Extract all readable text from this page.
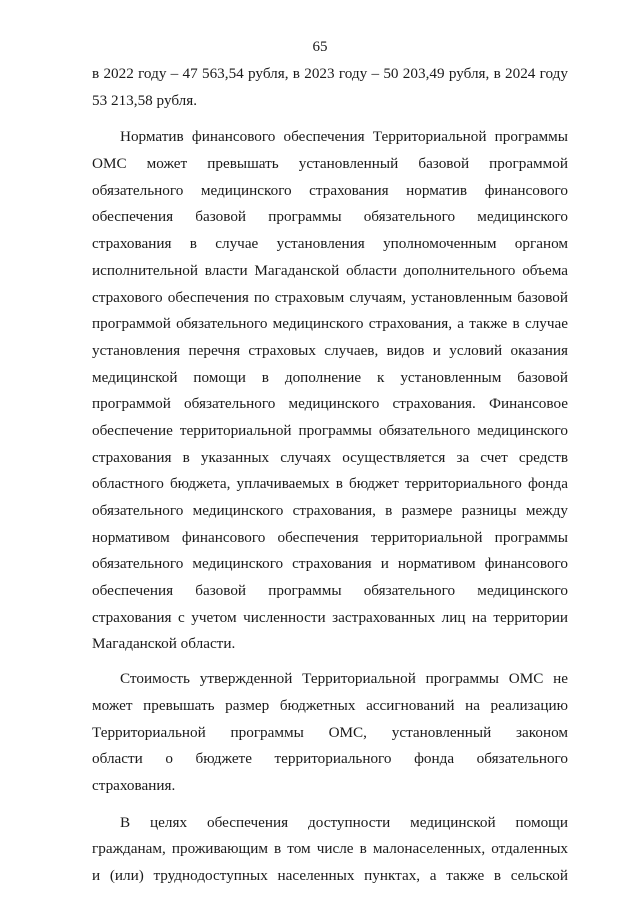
65
в 2022 году – 47 563,54 рубля, в 2023 году – 50 203,49 рубля, в 2024 году
53 213,58 рубля.
Норматив финансового обеспечения Территориальной программы
ОМС может превышать установленный базовой программой
обязательного медицинского страхования норматив финансового
обеспечения базовой программы обязательного медицинского
страхования в случае установления уполномоченным органом
исполнительной власти Магаданской области дополнительного объема
страхового обеспечения по страховым случаям, установленным базовой
программой обязательного медицинского страхования, а также в случае
установления перечня страховых случаев, видов и условий оказания
медицинской помощи в дополнение к установленным базовой
программой обязательного медицинского страхования. Финансовое
обеспечение территориальной программы обязательного медицинского
страхования в указанных случаях осуществляется за счет средств
областного бюджета, уплачиваемых в бюджет территориального фонда
обязательного медицинского страхования, в размере разницы между
нормативом финансового обеспечения территориальной программы
обязательного медицинского страхования и нормативом финансового
обеспечения базовой программы обязательного медицинского
страхования с учетом численности застрахованных лиц на территории
Магаданской области.
Стоимость утвержденной Территориальной программы ОМС не
может превышать размер бюджетных ассигнований на реализацию
Территориальной программы ОМС, установленный законом
области о бюджете территориального фонда обязательного
страхования.
В целях обеспечения доступности медицинской помощи
гражданам, проживающим в том числе в малонаселенных, отдаленных
и (или) труднодоступных населенных пунктах, а также в сельской
